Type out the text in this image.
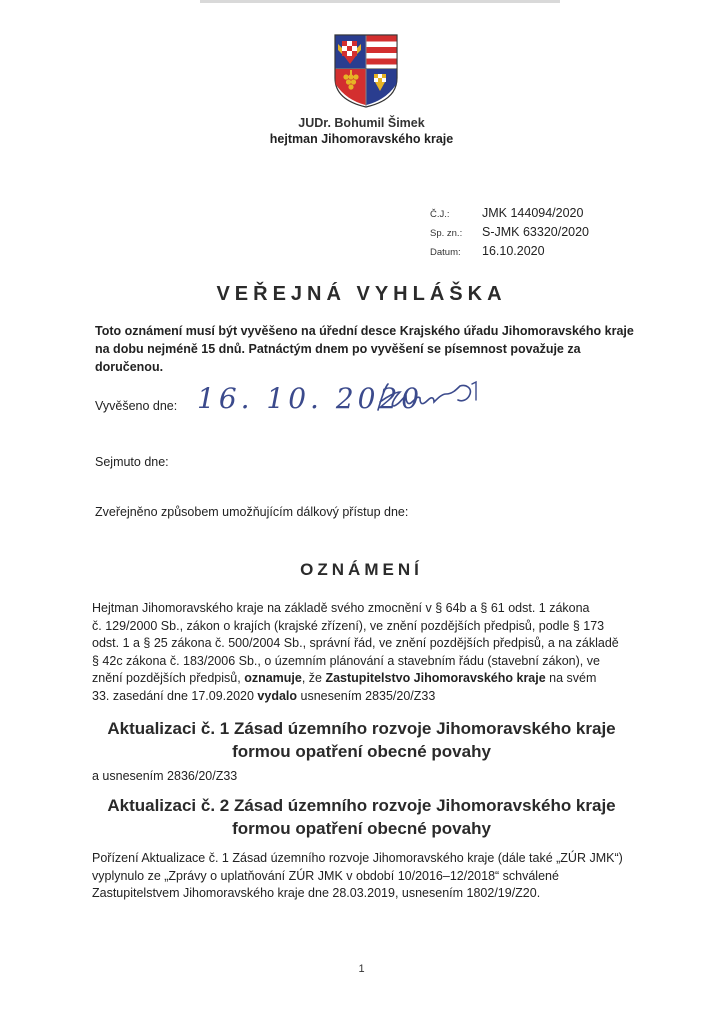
JUDr. Bohumil Šimek
hejtman Jihomoravského kraje
Č.J.:	JMK 144094/2020
Sp. zn.:	S-JMK 63320/2020
Datum:	16.10.2020
VEŘEJNÁ VYHLÁŠKA
Toto oznámení musí být vyvěšeno na úřední desce Krajského úřadu Jihomoravského kraje
na dobu nejméně 15 dnů. Patnáctým dnem po vyvěšení se písemnost považuje za
doručenou.
Vyvěšeno dne: 16. 10. 2020
Sejmuto dne:
Zveřejněno způsobem umožňujícím dálkový přístup dne:
OZNÁMENÍ
Hejtman Jihomoravského kraje na základě svého zmocnění v § 64b a § 61 odst. 1 zákona
č. 129/2000 Sb., zákon o krajích (krajské zřízení), ve znění pozdějších předpisů, podle § 173
odst. 1 a § 25 zákona č. 500/2004 Sb., správní řád, ve znění pozdějších předpisů, a na základě
§ 42c zákona č. 183/2006 Sb., o územním plánování a stavebním řádu (stavební zákon), ve
znění pozdějších předpisů, oznamuje, že Zastupitelstvo Jihomoravského kraje na svém
33. zasedání dne 17.09.2020 vydalo usnesením 2835/20/Z33
Aktualizaci č. 1 Zásad územního rozvoje Jihomoravského kraje
formou opatření obecné povahy
a usnesením 2836/20/Z33
Aktualizaci č. 2 Zásad územního rozvoje Jihomoravského kraje
formou opatření obecné povahy
Pořízení Aktualizace č. 1 Zásad územního rozvoje Jihomoravského kraje (dále také „ZÚR JMK“)
vyplynulo ze „Zprávy o uplatňování ZÚR JMK v období 10/2016–12/2018“ schválené
Zastupitelstvem Jihomoravského kraje dne 28.03.2019, usnesením 1802/19/Z20.
1
